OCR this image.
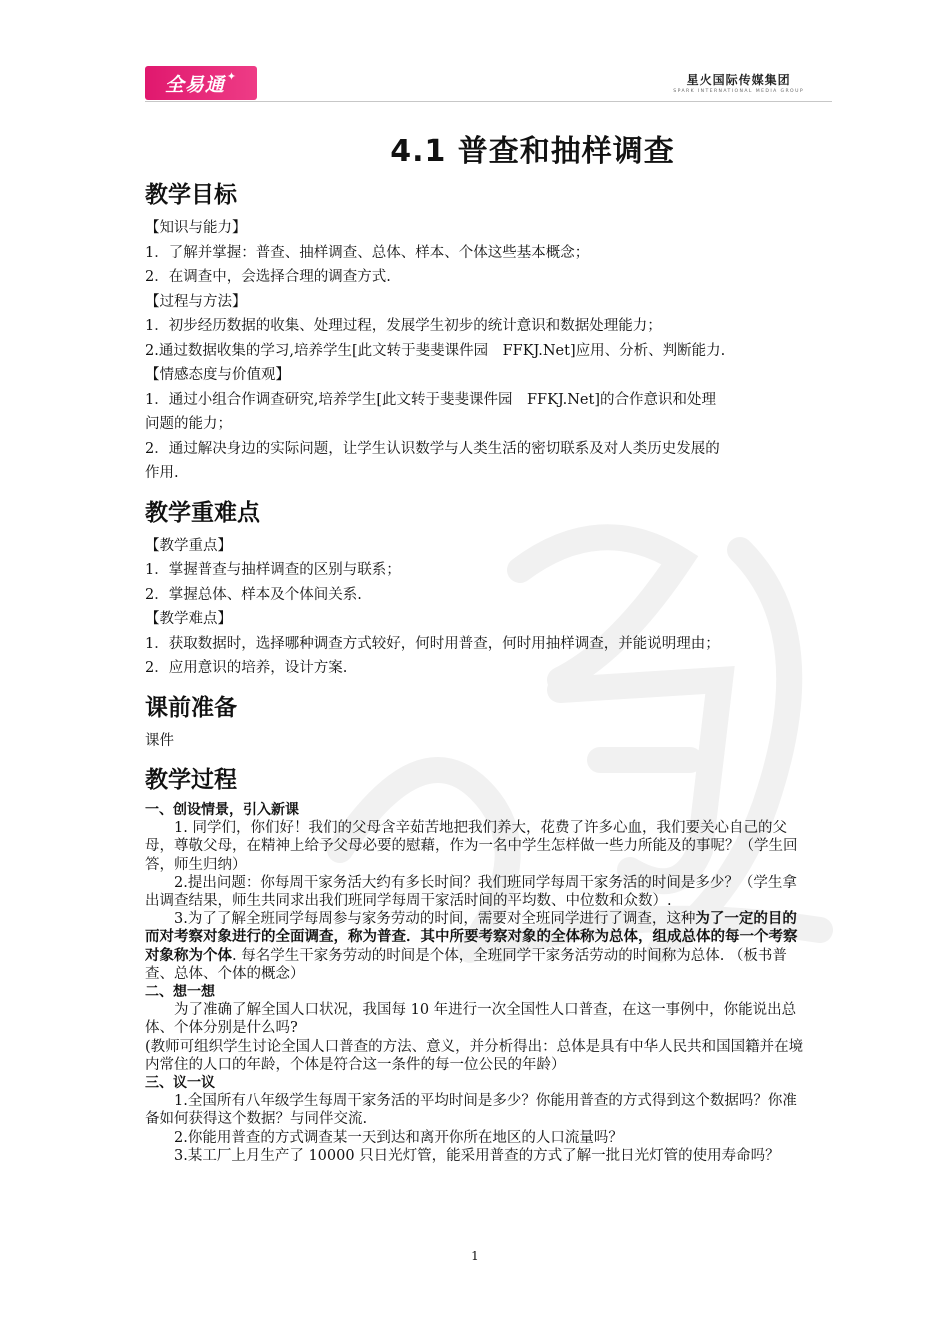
全易通 ✦	星火国际传媒集团
SPARK INTERNATIONAL MEDIA GROUP
4.1 普查和抽样调查
教学目标

【知识与能力】

1．了解并掌握：普查、抽样调查、总体、样本、个体这些基本概念；

2．在调查中，会选择合理的调查方式.

【过程与方法】

1．初步经历数据的收集、处理过程，发展学生初步的统计意识和数据处理能力；

2.通过数据收集的学习,培养学生[此文转于斐斐课件园　FFKJ.Net]应用、分析、判断能力.

【情感态度与价值观】

1．通过小组合作调查研究,培养学生[此文转于斐斐课件园　FFKJ.Net]的合作意识和处理

问题的能力；

2．通过解决身边的实际问题，让学生认识数学与人类生活的密切联系及对人类历史发展的

作用.

教学重难点

【教学重点】

1．掌握普查与抽样调查的区别与联系；

2．掌握总体、样本及个体间关系.

【教学难点】

1．获取数据时，选择哪种调查方式较好，何时用普查，何时用抽样调查，并能说明理由；

2．应用意识的培养，设计方案.

课前准备

课件

教学过程

一、创设情景，引入新课

1. 同学们，你们好！我们的父母含辛茹苦地把我们养大，花费了许多心血，我们要关心自己的父母，尊敬父母，在精神上给予父母必要的慰藉，作为一名中学生怎样做一些力所能及的事呢？（学生回答，师生归纳）

2.提出问题：你每周干家务活大约有多长时间？我们班同学每周干家务活的时间是多少？（学生拿出调查结果，师生共同求出我们班同学每周干家活时间的平均数、中位数和众数）.

3.为了了解全班同学每周参与家务劳动的时间，需要对全班同学进行了调查，这种为了一定的目的而对考察对象进行的全面调查，称为普查．其中所要考察对象的全体称为总体，组成总体的每一个考察对象称为个体. 每名学生干家务劳动的时间是个体，全班同学干家务活劳动的时间称为总体. （板书普查、总体、个体的概念）

二、想一想

为了准确了解全国人口状况，我国每 10 年进行一次全国性人口普查，在这一事例中，你能说出总体、个体分别是什么吗?

(教师可组织学生讨论全国人口普查的方法、意义，并分析得出：总体是具有中华人民共和国国籍并在境内常住的人口的年龄，个体是符合这一条件的每一位公民的年龄）

三、议一议

1.全国所有八年级学生每周干家务活的平均时间是多少？你能用普查的方式得到这个数据吗？你准备如何获得这个数据？与同伴交流.

2.你能用普查的方式调查某一天到达和离开你所在地区的人口流量吗？

3.某工厂上月生产了 10000 只日光灯管，能采用普查的方式了解一批日光灯管的使用寿命吗？

1
